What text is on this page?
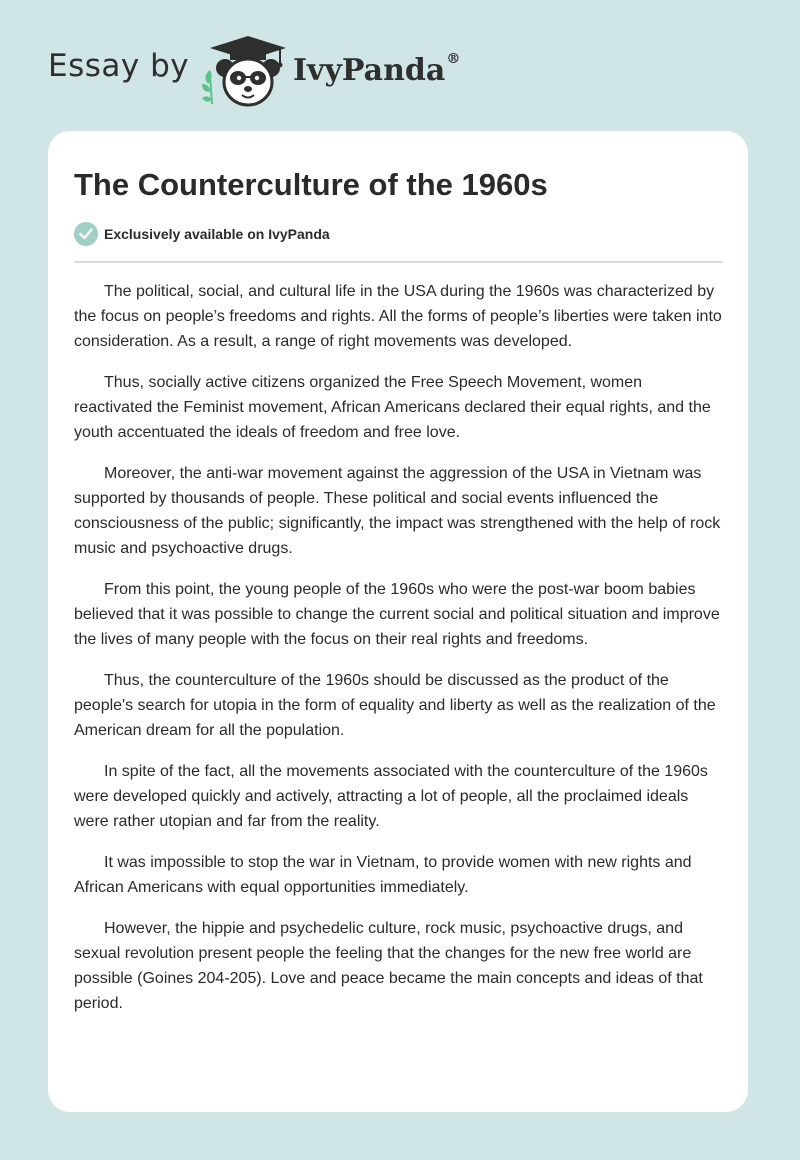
Essay by	IvyPanda®
The Counterculture of the 1960s
Exclusively available on IvyPanda

The political, social, and cultural life in the USA during the 1960s was characterized by the focus on people’s freedoms and rights. All the forms of people’s liberties were taken into consideration. As a result, a range of right movements was developed.

Thus, socially active citizens organized the Free Speech Movement, women reactivated the Feminist movement, African Americans declared their equal rights, and the youth accentuated the ideals of freedom and free love.

Moreover, the anti-war movement against the aggression of the USA in Vietnam was supported by thousands of people. These political and social events influenced the consciousness of the public; significantly, the impact was strengthened with the help of rock music and psychoactive drugs.

From this point, the young people of the 1960s who were the post-war boom babies believed that it was possible to change the current social and political situation and improve the lives of many people with the focus on their real rights and freedoms.

Thus, the counterculture of the 1960s should be discussed as the product of the people's search for utopia in the form of equality and liberty as well as the realization of the American dream for all the population.

In spite of the fact, all the movements associated with the counterculture of the 1960s were developed quickly and actively, attracting a lot of people, all the proclaimed ideals were rather utopian and far from the reality.

It was impossible to stop the war in Vietnam, to provide women with new rights and African Americans with equal opportunities immediately.

However, the hippie and psychedelic culture, rock music, psychoactive drugs, and sexual revolution present people the feeling that the changes for the new free world are possible (Goines 204-205). Love and peace became the main concepts and ideas of that period.
